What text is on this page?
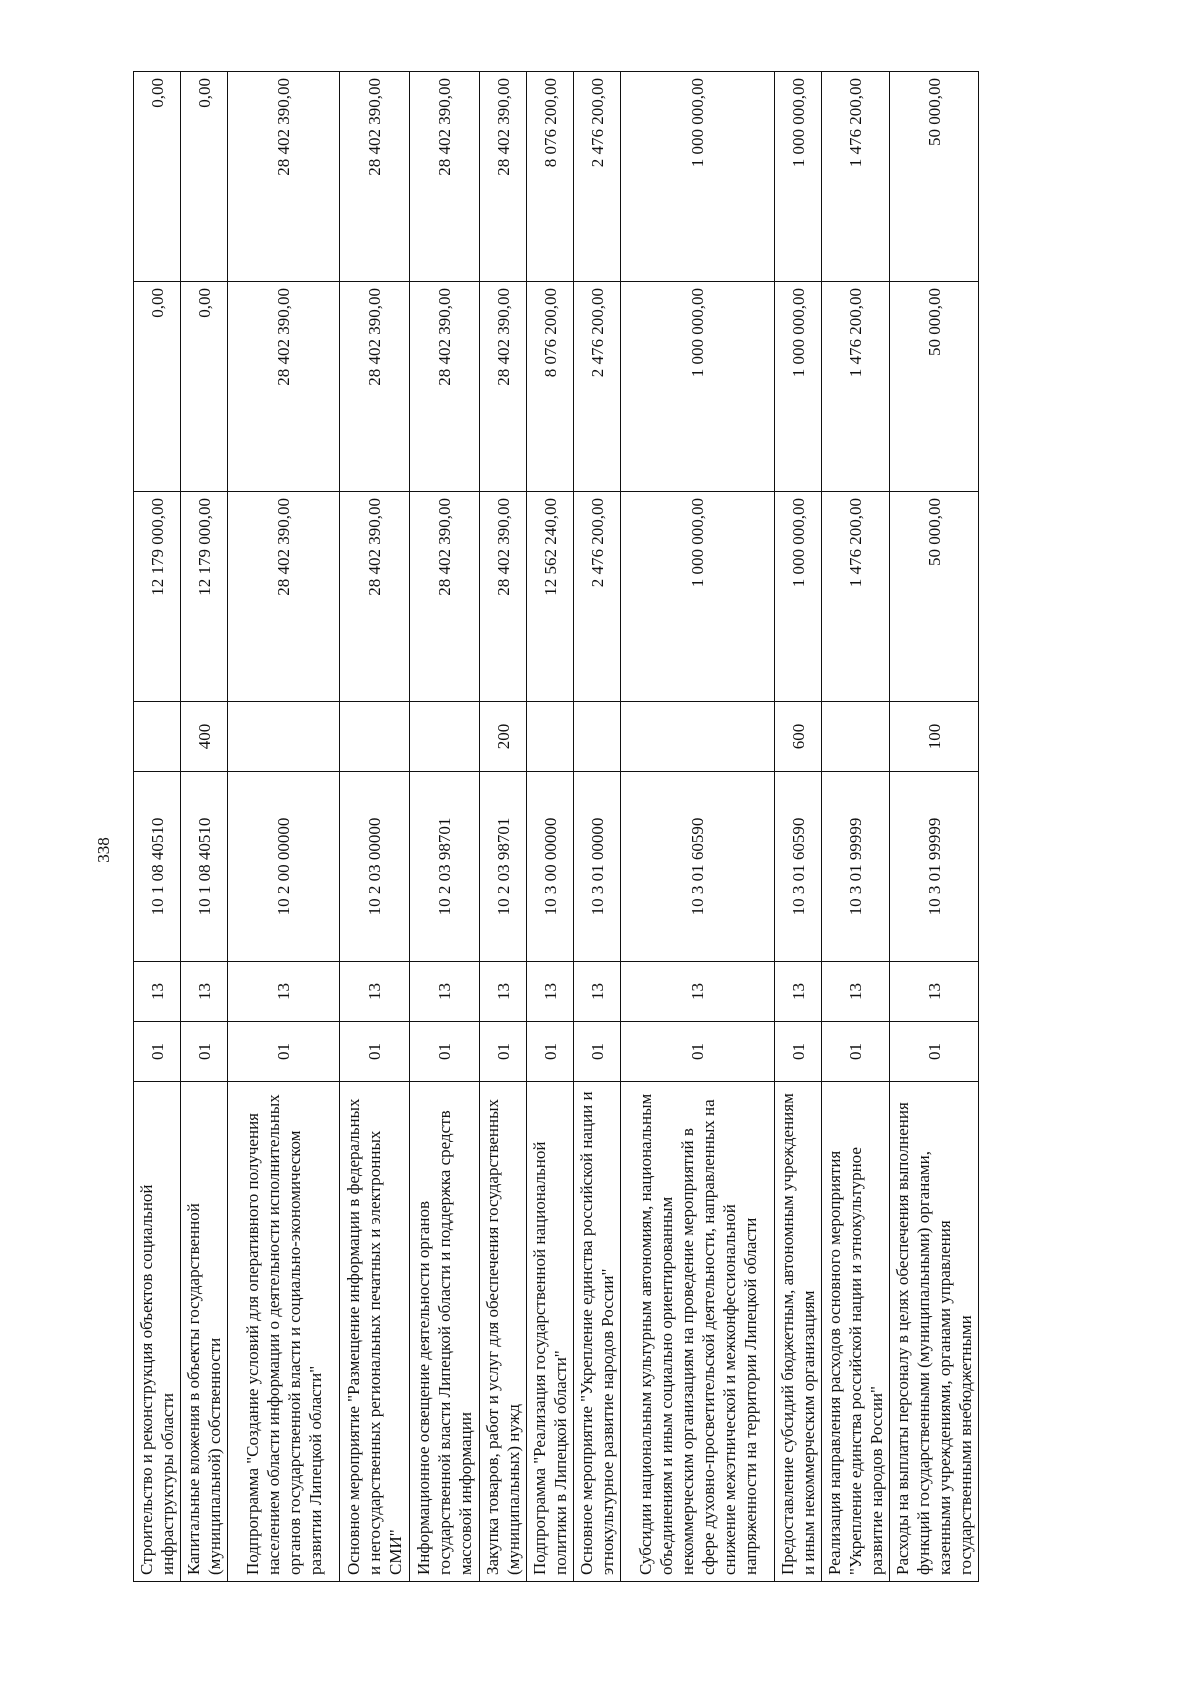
338
Строительство и реконструкция объектов социальной инфраструктуры области	01	13	10 1 08 40510		12 179 000,00	0,00	0,00
Капитальные вложения в объекты государственной (муниципальной) собственности	01	13	10 1 08 40510	400	12 179 000,00	0,00	0,00
Подпрограмма "Создание условий для оперативного получения населением области информации о деятельности исполнительных органов государственной власти и социально-экономическом развитии Липецкой области"	01	13	10 2 00 00000		28 402 390,00	28 402 390,00	28 402 390,00
Основное мероприятие "Размещение информации в федеральных и негосударственных региональных печатных и электронных СМИ"	01	13	10 2 03 00000		28 402 390,00	28 402 390,00	28 402 390,00
Информационное освещение деятельности органов государственной власти Липецкой области и поддержка средств массовой информации	01	13	10 2 03 98701		28 402 390,00	28 402 390,00	28 402 390,00
Закупка товаров, работ и услуг для обеспечения государственных (муниципальных) нужд	01	13	10 2 03 98701	200	28 402 390,00	28 402 390,00	28 402 390,00
Подпрограмма "Реализация государственной национальной политики в Липецкой области"	01	13	10 3 00 00000		12 562 240,00	8 076 200,00	8 076 200,00
Основное мероприятие "Укрепление единства российской нации и этнокультурное развитие народов России"	01	13	10 3 01 00000		2 476 200,00	2 476 200,00	2 476 200,00
Субсидии национальным культурным автономиям, национальным объединениям и иным социально ориентированным некоммерческим организациям на проведение мероприятий в сфере духовно-просветительской деятельности, направленных на снижение межэтнической и межконфессиональной напряженности на территории Липецкой области	01	13	10 3 01 60590		1 000 000,00	1 000 000,00	1 000 000,00
Предоставление субсидий бюджетным, автономным учреждениям и иным некоммерческим организациям	01	13	10 3 01 60590	600	1 000 000,00	1 000 000,00	1 000 000,00
Реализация направления расходов основного мероприятия "Укрепление единства российской нации и этнокультурное развитие народов России"	01	13	10 3 01 99999		1 476 200,00	1 476 200,00	1 476 200,00
Расходы на выплаты персоналу в целях обеспечения выполнения функций государственными (муниципальными) органами, казенными учреждениями, органами управления государственными внебюджетными	01	13	10 3 01 99999	100	50 000,00	50 000,00	50 000,00
